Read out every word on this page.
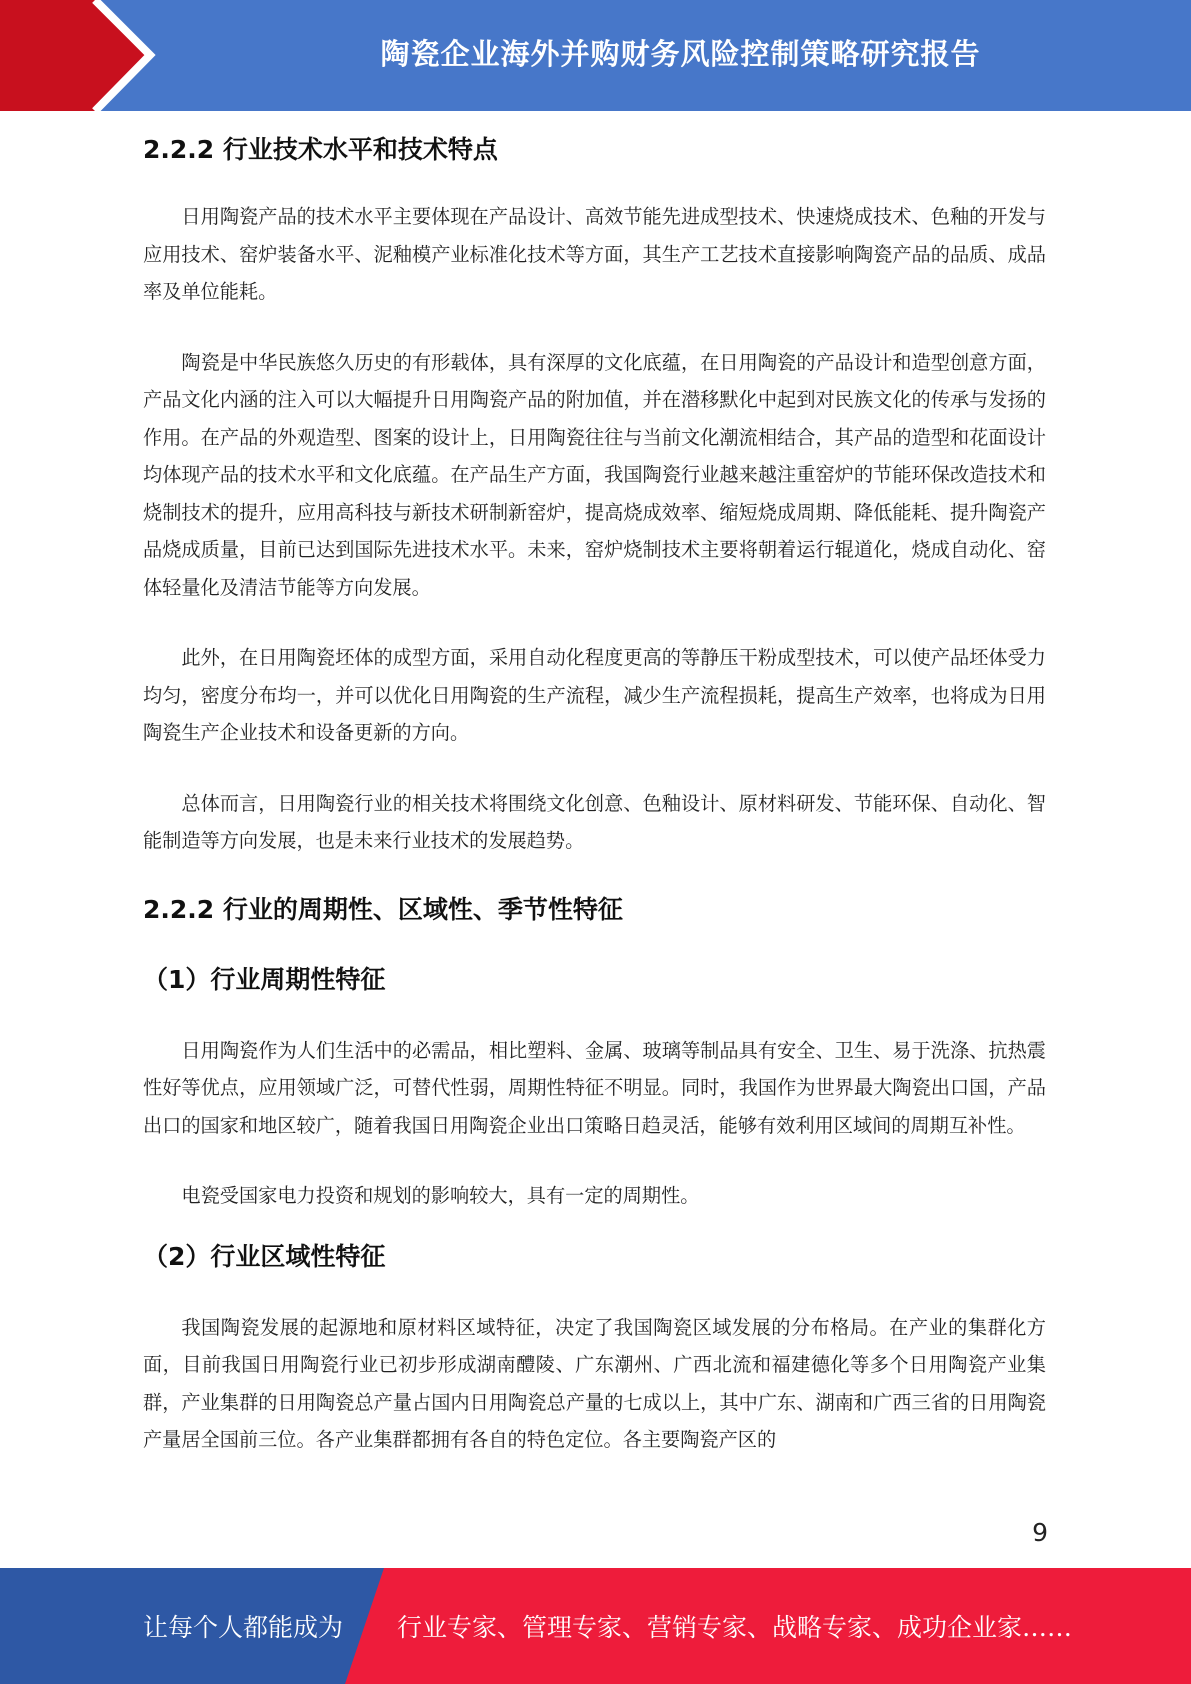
陶瓷企业海外并购财务风险控制策略研究报告
2.2.2 行业技术水平和技术特点

日用陶瓷产品的技术水平主要体现在产品设计、高效节能先进成型技术、快速烧成技术、色釉的开发与应用技术、窑炉装备水平、泥釉模产业标准化技术等方面，其生产工艺技术直接影响陶瓷产品的品质、成品率及单位能耗。

陶瓷是中华民族悠久历史的有形载体，具有深厚的文化底蕴，在日用陶瓷的产品设计和造型创意方面，产品文化内涵的注入可以大幅提升日用陶瓷产品的附加值，并在潜移默化中起到对民族文化的传承与发扬的作用。在产品的外观造型、图案的设计上，日用陶瓷往往与当前文化潮流相结合，其产品的造型和花面设计均体现产品的技术水平和文化底蕴。在产品生产方面，我国陶瓷行业越来越注重窑炉的节能环保改造技术和烧制技术的提升，应用高科技与新技术研制新窑炉，提高烧成效率、缩短烧成周期、降低能耗、提升陶瓷产品烧成质量，目前已达到国际先进技术水平。未来，窑炉烧制技术主要将朝着运行辊道化，烧成自动化、窑体轻量化及清洁节能等方向发展。

此外，在日用陶瓷坯体的成型方面，采用自动化程度更高的等静压干粉成型技术，可以使产品坯体受力均匀，密度分布均一，并可以优化日用陶瓷的生产流程，减少生产流程损耗，提高生产效率，也将成为日用陶瓷生产企业技术和设备更新的方向。

总体而言，日用陶瓷行业的相关技术将围绕文化创意、色釉设计、原材料研发、节能环保、自动化、智能制造等方向发展，也是未来行业技术的发展趋势。

2.2.2 行业的周期性、区域性、季节性特征
（1）行业周期性特征

日用陶瓷作为人们生活中的必需品，相比塑料、金属、玻璃等制品具有安全、卫生、易于洗涤、抗热震性好等优点，应用领域广泛，可替代性弱，周期性特征不明显。同时，我国作为世界最大陶瓷出口国，产品出口的国家和地区较广，随着我国日用陶瓷企业出口策略日趋灵活，能够有效利用区域间的周期互补性。

电瓷受国家电力投资和规划的影响较大，具有一定的周期性。

（2）行业区域性特征

我国陶瓷发展的起源地和原材料区域特征，决定了我国陶瓷区域发展的分布格局。在产业的集群化方面，目前我国日用陶瓷行业已初步形成湖南醴陵、广东潮州、广西北流和福建德化等多个日用陶瓷产业集群，产业集群的日用陶瓷总产量占国内日用陶瓷总产量的七成以上，其中广东、湖南和广西三省的日用陶瓷产量居全国前三位。各产业集群都拥有各自的特色定位。各主要陶瓷产区的

9
让每个人都能成为 行业专家、管理专家、营销专家、战略专家、成功企业家……
